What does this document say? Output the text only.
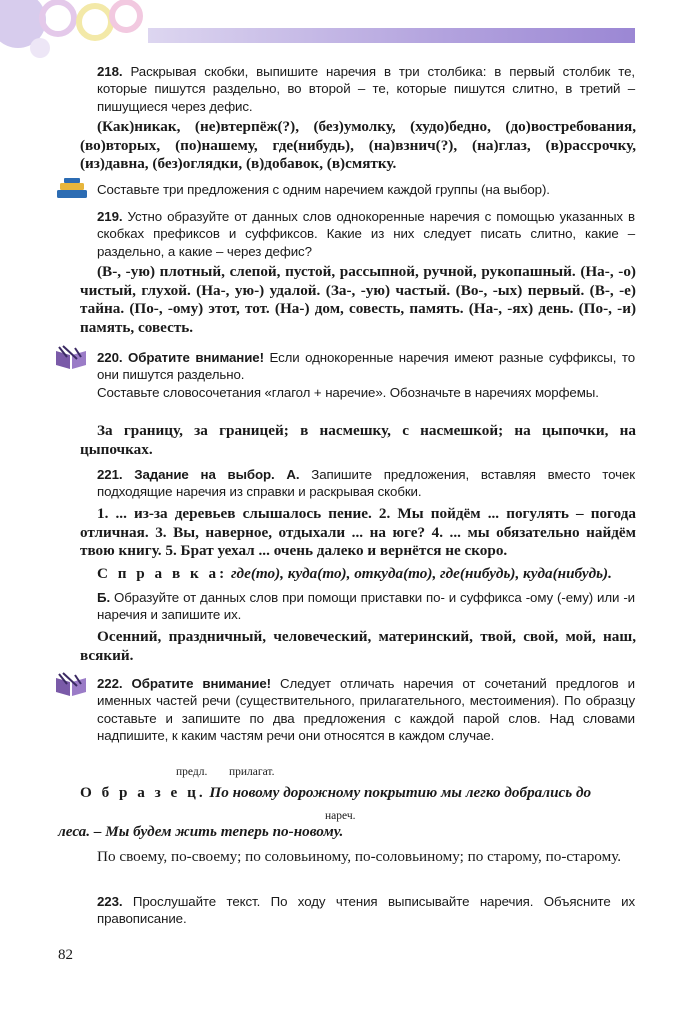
218. Раскрывая скобки, выпишите наречия в три столбика: в первый столбик те, которые пишутся раздельно, во второй – те, которые пишутся слитно, в третий – пишущиеся через дефис.

(Как)никак, (не)втерпёж(?), (без)умолку, (худо)бедно, (до)востребования, (во)вторых, (по)нашему, где(нибудь), (на)взнич(?), (на)глаз, (в)рассрочку, (из)давна, (без)оглядки, (в)добавок, (в)смятку.

Составьте три предложения с одним наречием каждой группы (на выбор).

219. Устно образуйте от данных слов однокоренные наречия с помощью указанных в скобках префиксов и суффиксов. Какие из них следует писать слитно, какие – раздельно, а какие – через дефис?

(В-, -ую) плотный, слепой, пустой, рассыпной, ручной, рукопашный. (На-, -о) чистый, глухой. (На-, ую-) удалой. (За-, -ую) частый. (Во-, -ых) первый. (В-, -е) тайна. (По-, -ому) этот, тот. (На-) дом, совесть, память. (На-, -ях) день. (По-, -и) память, совесть.

220. Обратите внимание! Если однокоренные наречия имеют разные суффиксы, то они пишутся раздельно.

Составьте словосочетания «глагол + наречие». Обозначьте в наречиях морфемы.

За границу, за границей; в насмешку, с насмешкой; на цыпочки, на цыпочках.

221. Задание на выбор. А. Запишите предложения, вставляя вместо точек подходящие наречия из справки и раскрывая скобки.

1. ... из-за деревьев слышалось пение. 2. Мы пойдём ... погулять – погода отличная. 3. Вы, наверное, отдыхали ... на юге? 4. ... мы обязательно найдём твою книгу. 5. Брат уехал ... очень далеко и вернётся не скоро.

С п р а в к а: где(то), куда(то), откуда(то), где(нибудь), куда(нибудь).

Б. Образуйте от данных слов при помощи приставки по- и суффикса -ому (-ему) или -и наречия и запишите их.

Осенний, праздничный, человеческий, материнский, твой, свой, мой, наш, всякий.

222. Обратите внимание! Следует отличать наречия от сочетаний предлогов и именных частей речи (существительного, прилагательного, местоимения). По образцу составьте и запишите по два предложения с каждой парой слов. Над словами надпишите, к каким частям речи они относятся в каждом случае.

предл. прилагат.

О б р а з е ц. По новому дорожному покрытию мы легко добрались до

нареч.

леса. – Мы будем жить теперь по-новому.

По своему, по-своему; по соловьиному, по-соловьиному; по старому, по-старому.

223. Прослушайте текст. По ходу чтения выписывайте наречия. Объясните их правописание.

82
